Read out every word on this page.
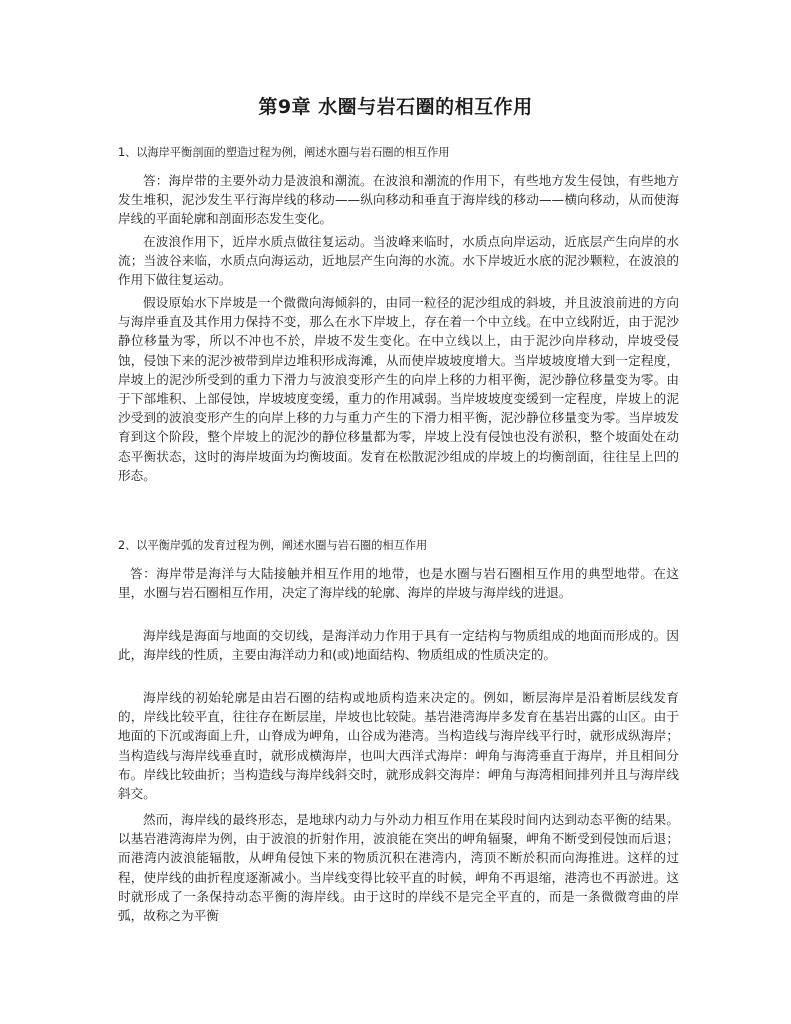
第9章 水圈与岩石圈的相互作用

1、以海岸平衡剖面的塑造过程为例，阐述水圈与岩石圈的相互作用

答：海岸带的主要外动力是波浪和潮流。在波浪和潮流的作用下，有些地方发生侵蚀，有些地方发生堆积，泥沙发生平行海岸线的移动——纵向移动和垂直于海岸线的移动——横向移动，从而使海岸线的平面轮廓和剖面形态发生变化。

在波浪作用下，近岸水质点做往复运动。当波峰来临时，水质点向岸运动，近底层产生向岸的水流；当波谷来临，水质点向海运动，近地层产生向海的水流。水下岸坡近水底的泥沙颗粒，在波浪的作用下做往复运动。

假设原始水下岸坡是一个微微向海倾斜的，由同一粒径的泥沙组成的斜坡，并且波浪前进的方向与海岸垂直及其作用力保持不变，那么在水下岸坡上，存在着一个中立线。在中立线附近，由于泥沙静位移量为零，所以不冲也不於，岸坡不发生变化。在中立线以上，由于泥沙向岸移动，岸坡受侵蚀，侵蚀下来的泥沙被带到岸边堆积形成海滩，从而使岸坡坡度增大。当岸坡坡度增大到一定程度，岸坡上的泥沙所受到的重力下滑力与波浪变形产生的向岸上移的力相平衡，泥沙静位移量变为零。由于下部堆积、上部侵蚀，岸坡坡度变缓，重力的作用减弱。当岸坡坡度变缓到一定程度，岸坡上的泥沙受到的波浪变形产生的向岸上移的力与重力产生的下滑力相平衡，泥沙静位移量变为零。当岸坡发育到这个阶段，整个岸坡上的泥沙的静位移量都为零，岸坡上没有侵蚀也没有淤积，整个坡面处在动态平衡状态，这时的海岸坡面为均衡坡面。发育在松散泥沙组成的岸坡上的均衡剖面，往往呈上凹的形态。

2、以平衡岸弧的发育过程为例，阐述水圈与岩石圈的相互作用

答：海岸带是海洋与大陆接触并相互作用的地带，也是水圈与岩石圈相互作用的典型地带。在这里，水圈与岩石圈相互作用，决定了海岸线的轮廓、海岸的岸坡与海岸线的进退。

海岸线是海面与地面的交切线，是海洋动力作用于具有一定结构与物质组成的地面而形成的。因此，海岸线的性质，主要由海洋动力和(或)地面结构、物质组成的性质决定的。

海岸线的初始轮廓是由岩石圈的结构或地质构造来决定的。例如，断层海岸是沿着断层线发育的，岸线比较平直，往往存在断层崖，岸坡也比较陡。基岩港湾海岸多发育在基岩出露的山区。由于地面的下沉或海面上升，山脊成为岬角，山谷成为港湾。当构造线与海岸线平行时，就形成纵海岸；当构造线与海岸线垂直时，就形成横海岸，也叫大西洋式海岸：岬角与海湾垂直于海岸，并且相间分布。岸线比较曲折；当构造线与海岸线斜交时，就形成斜交海岸：岬角与海湾相间排列并且与海岸线斜交。

然而，海岸线的最终形态，是地球内动力与外动力相互作用在某段时间内达到动态平衡的结果。以基岩港湾海岸为例，由于波浪的折射作用，波浪能在突出的岬角辐聚，岬角不断受到侵蚀而后退；而港湾内波浪能辐散，从岬角侵蚀下来的物质沉积在港湾内，湾顶不断於积而向海推进。这样的过程，使岸线的曲折程度逐渐减小。当岸线变得比较平直的时候，岬角不再退缩，港湾也不再淤进。这时就形成了一条保持动态平衡的海岸线。由于这时的岸线不是完全平直的，而是一条微微弯曲的岸弧，故称之为平衡
